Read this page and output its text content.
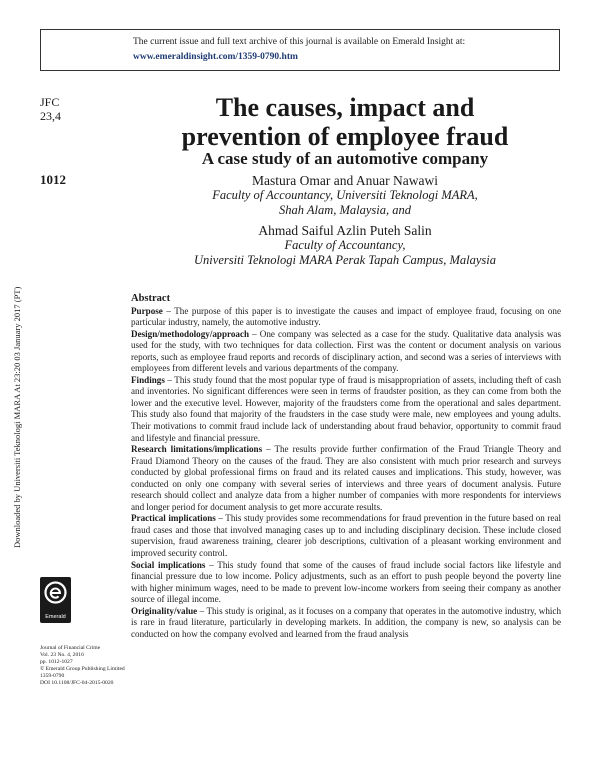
The current issue and full text archive of this journal is available on Emerald Insight at:
www.emeraldinsight.com/1359-0790.htm
JFC
23,4
1012
The causes, impact and
prevention of employee fraud
A case study of an automotive company
Mastura Omar and Anuar Nawawi
Faculty of Accountancy, Universiti Teknologi MARA,
Shah Alam, Malaysia, and
Ahmad Saiful Azlin Puteh Salin
Faculty of Accountancy,
Universiti Teknologi MARA Perak Tapah Campus, Malaysia
Downloaded by Universiti Teknologi MARA At 23:20 03 January 2017 (PT)
Emerald
Journal of Financial Crime
Vol. 23 No. 4, 2016
pp. 1012-1027
© Emerald Group Publishing Limited
1359-0790
DOI 10.1108/JFC-04-2015-0020
Abstract

Purpose – The purpose of this paper is to investigate the causes and impact of employee fraud, focusing on one particular industry, namely, the automotive industry.

Design/methodology/approach – One company was selected as a case for the study. Qualitative data analysis was used for the study, with two techniques for data collection. First was the content or document analysis on various reports, such as employee fraud reports and records of disciplinary action, and second was a series of interviews with employees from different levels and various departments of the company.

Findings – This study found that the most popular type of fraud is misappropriation of assets, including theft of cash and inventories. No significant differences were seen in terms of fraudster position, as they can come from both the lower and the executive level. However, majority of the fraudsters come from the operational and sales department. This study also found that majority of the fraudsters in the case study were male, new employees and young adults. Their motivations to commit fraud include lack of understanding about fraud behavior, opportunity to commit fraud and lifestyle and financial pressure.

Research limitations/implications – The results provide further confirmation of the Fraud Triangle Theory and Fraud Diamond Theory on the causes of the fraud. They are also consistent with much prior research and surveys conducted by global professional firms on fraud and its related causes and implications. This study, however, was conducted on only one company with several series of interviews and three years of document analysis. Future research should collect and analyze data from a higher number of companies with more respondents for interviews and longer period for document analysis to get more accurate results.

Practical implications – This study provides some recommendations for fraud prevention in the future based on real fraud cases and those that involved managing cases up to and including disciplinary decision. These include closed supervision, fraud awareness training, clearer job descriptions, cultivation of a pleasant working environment and improved security control.

Social implications – This study found that some of the causes of fraud include social factors like lifestyle and financial pressure due to low income. Policy adjustments, such as an effort to push people beyond the poverty line with higher minimum wages, need to be made to prevent low-income workers from seeing their company as another source of illegal income.

Originality/value – This study is original, as it focuses on a company that operates in the automotive industry, which is rare in fraud literature, particularly in developing markets. In addition, the company is new, so analysis can be conducted on how the company evolved and learned from the fraud analysis
